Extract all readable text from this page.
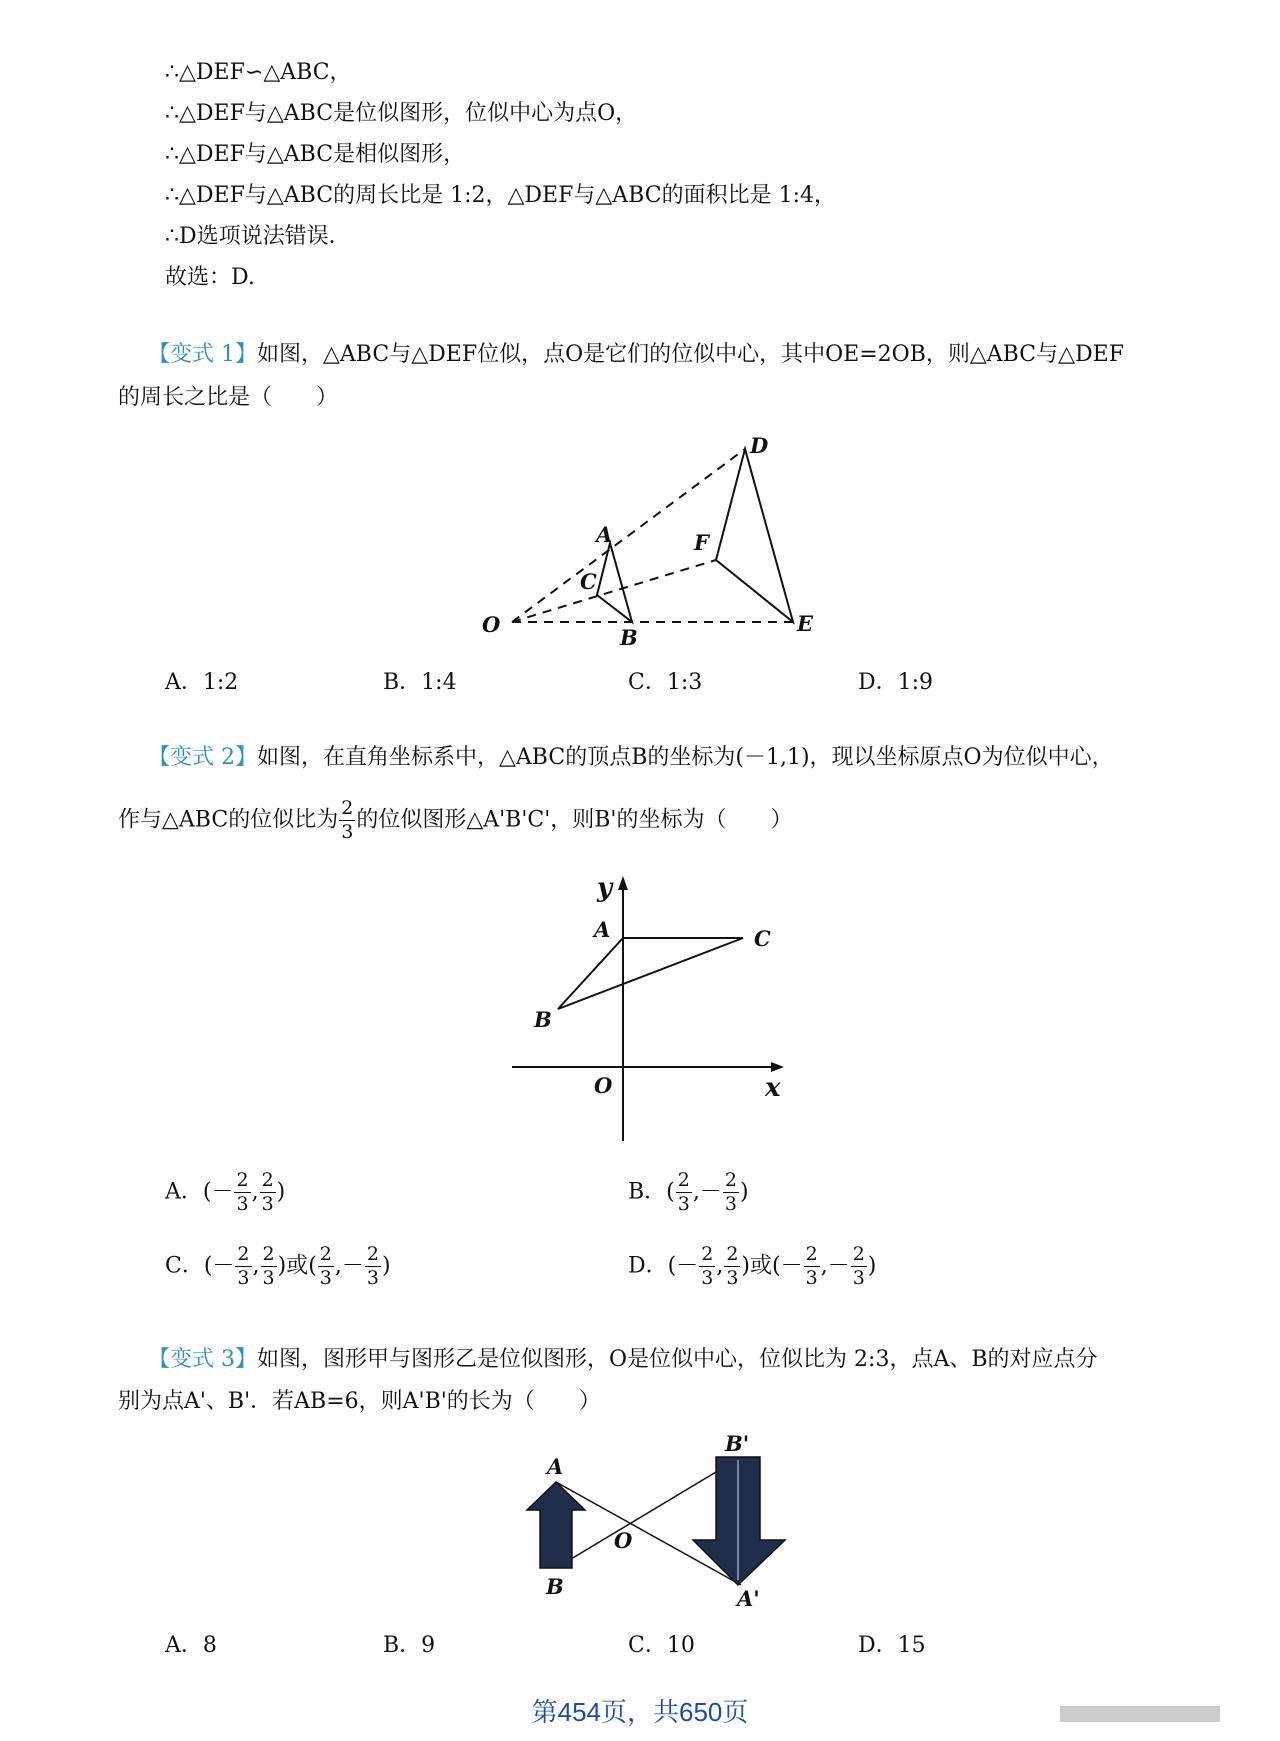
∴△DEF∽△ABC，
∴△DEF与△ABC是位似图形，位似中心为点O，
∴△DEF与△ABC是相似图形，
∴△DEF与△ABC的周长比是 1:2，△DEF与△ABC的面积比是 1:4，
∴D选项说法错误．
故选：D.
【变式 1】如图，△ABC与△DEF位似，点O是它们的位似中心，其中OE=2OB，则△ABC与△DEF
的周长之比是（　　）
D
A	F
C
O
B
E
A．1:2	B．1:4	C．1:3	D．1:9
【变式 2】如图，在直角坐标系中，△ABC的顶点B的坐标为(－1,1)，现以坐标原点O为位似中心，
作与△ABC的位似比为 $\frac{2}{3}$ 的位似图形△A'B'C'，则B'的坐标为（　　）
y
A	C
B
O	x
A．(－ $\frac{2}{3}$ , $\frac{2}{3}$ )	B．( $\frac{2}{3}$ ,－ $\frac{2}{3}$ )
C．(－ $\frac{2}{3}$ , $\frac{2}{3}$ )或( $\frac{2}{3}$ ,－ $\frac{2}{3}$ )	D．(－ $\frac{2}{3}$ , $\frac{2}{3}$ )或(－ $\frac{2}{3}$ ,－ $\frac{2}{3}$ )
【变式 3】如图，图形甲与图形乙是位似图形，O是位似中心，位似比为 2:3，点A、B的对应点分
别为点A'、B'．若AB=6，则A'B'的长为（　　）
A
B
O
B'
A'
A．8	B．9	C．10	D．15
第454页，共650页
